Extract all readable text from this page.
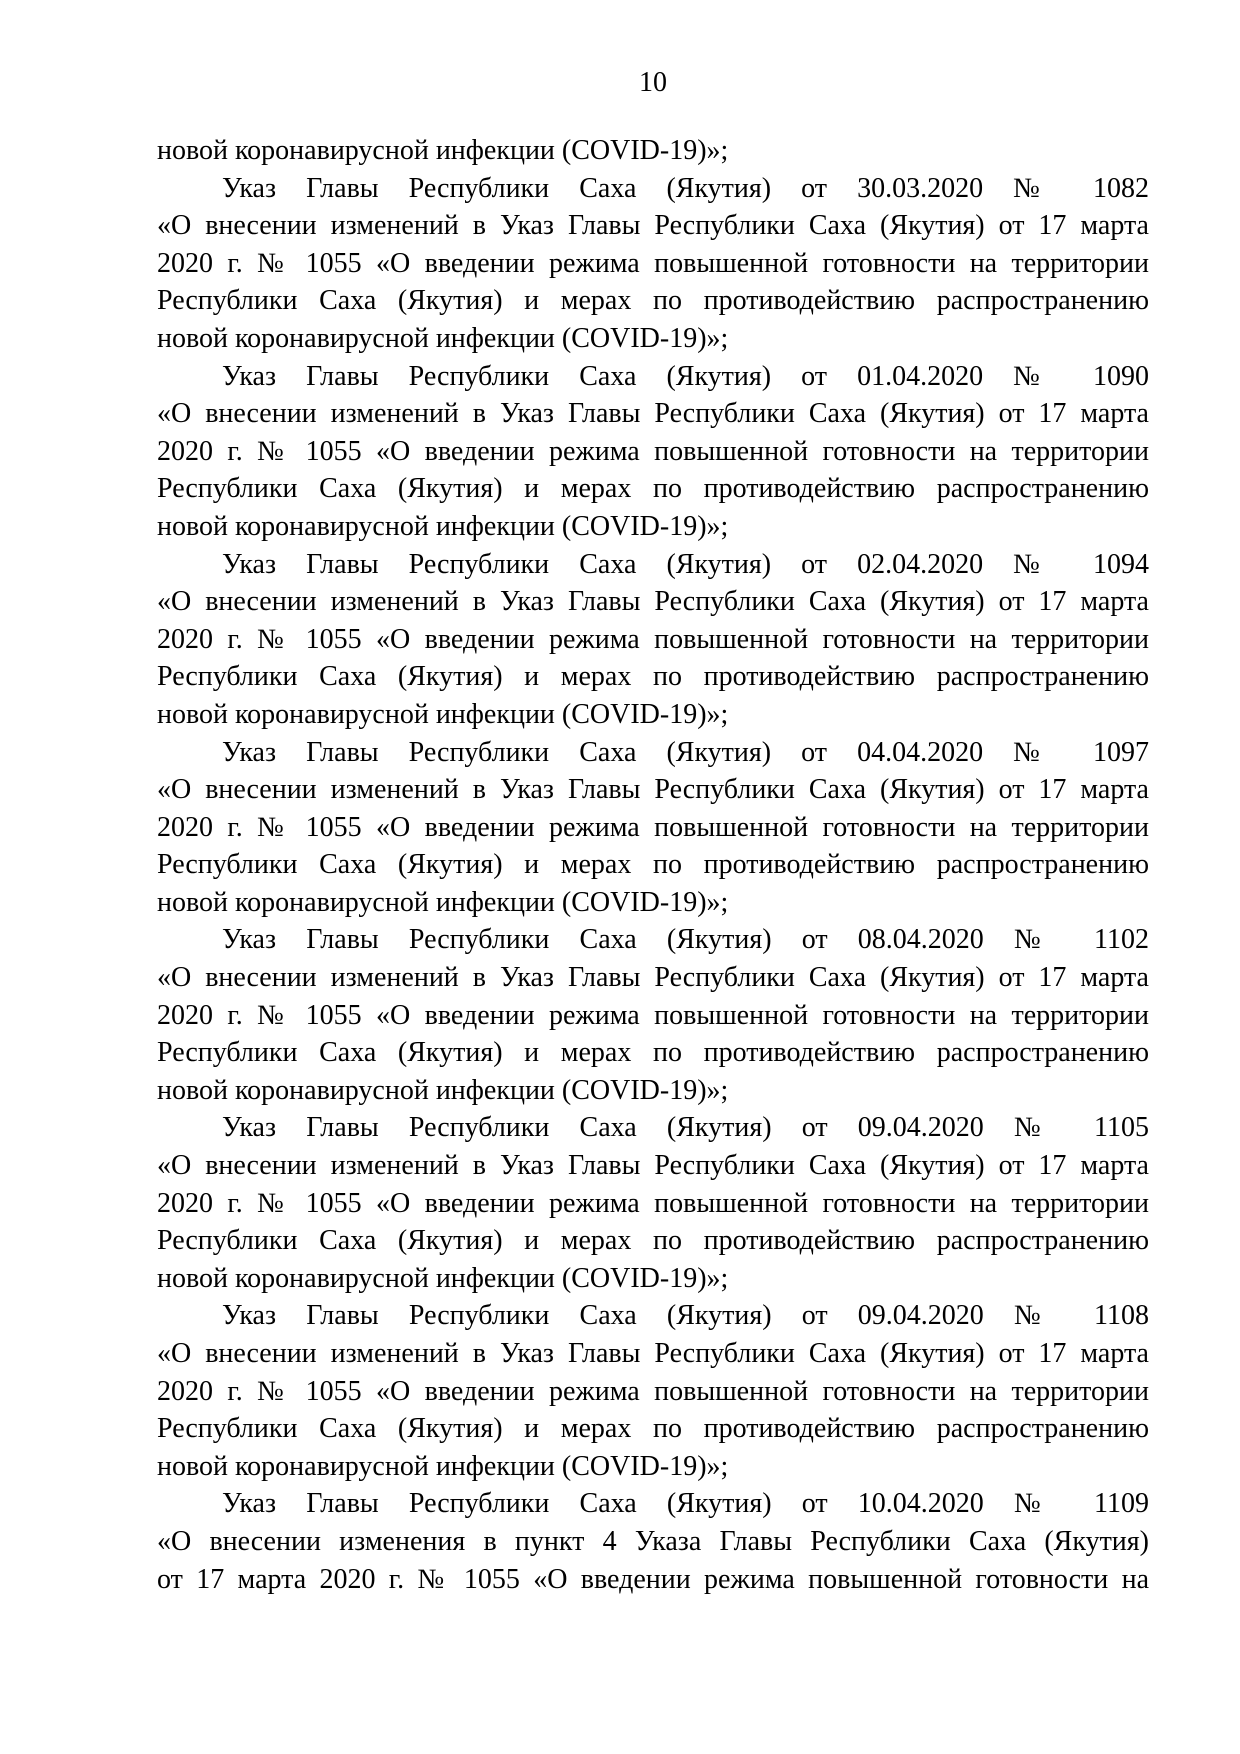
10

новой коронавирусной инфекции (COVID-19)»;

Указ Главы Республики Саха (Якутия) от 30.03.2020 № 1082
«О внесении изменений в Указ Главы Республики Саха (Якутия) от 17 марта
2020 г. № 1055 «О введении режима повышенной готовности на территории
Республики Саха (Якутия) и мерах по противодействию распространению
новой коронавирусной инфекции (COVID-19)»;

Указ Главы Республики Саха (Якутия) от 01.04.2020 № 1090
«О внесении изменений в Указ Главы Республики Саха (Якутия) от 17 марта
2020 г. № 1055 «О введении режима повышенной готовности на территории
Республики Саха (Якутия) и мерах по противодействию распространению
новой коронавирусной инфекции (COVID-19)»;

Указ Главы Республики Саха (Якутия) от 02.04.2020 № 1094
«О внесении изменений в Указ Главы Республики Саха (Якутия) от 17 марта
2020 г. № 1055 «О введении режима повышенной готовности на территории
Республики Саха (Якутия) и мерах по противодействию распространению
новой коронавирусной инфекции (COVID-19)»;

Указ Главы Республики Саха (Якутия) от 04.04.2020 № 1097
«О внесении изменений в Указ Главы Республики Саха (Якутия) от 17 марта
2020 г. № 1055 «О введении режима повышенной готовности на территории
Республики Саха (Якутия) и мерах по противодействию распространению
новой коронавирусной инфекции (COVID-19)»;

Указ Главы Республики Саха (Якутия) от 08.04.2020 № 1102
«О внесении изменений в Указ Главы Республики Саха (Якутия) от 17 марта
2020 г. № 1055 «О введении режима повышенной готовности на территории
Республики Саха (Якутия) и мерах по противодействию распространению
новой коронавирусной инфекции (COVID-19)»;

Указ Главы Республики Саха (Якутия) от 09.04.2020 № 1105
«О внесении изменений в Указ Главы Республики Саха (Якутия) от 17 марта
2020 г. № 1055 «О введении режима повышенной готовности на территории
Республики Саха (Якутия) и мерах по противодействию распространению
новой коронавирусной инфекции (COVID-19)»;

Указ Главы Республики Саха (Якутия) от 09.04.2020 № 1108
«О внесении изменений в Указ Главы Республики Саха (Якутия) от 17 марта
2020 г. № 1055 «О введении режима повышенной готовности на территории
Республики Саха (Якутия) и мерах по противодействию распространению
новой коронавирусной инфекции (COVID-19)»;

Указ Главы Республики Саха (Якутия) от 10.04.2020 № 1109
«О внесении изменения в пункт 4 Указа Главы Республики Саха (Якутия)
от 17 марта 2020 г. № 1055 «О введении режима повышенной готовности на
